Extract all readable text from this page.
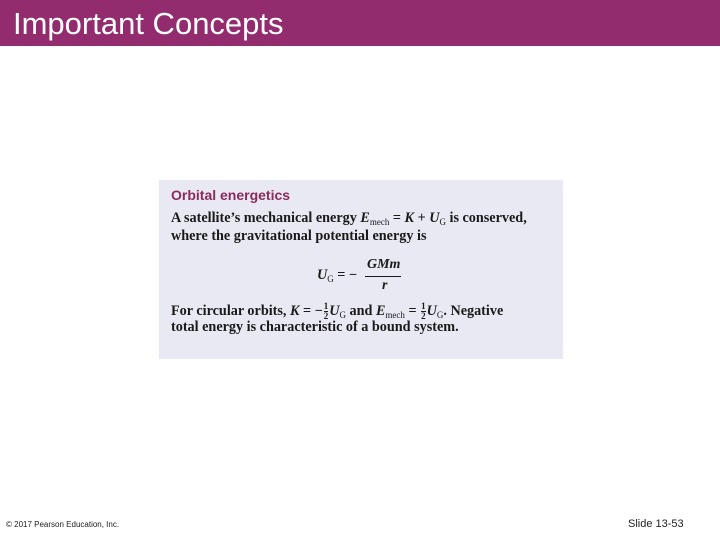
Important Concepts
Orbital energetics
A satellite’s mechanical energy $E_{mech} = K + U_G$ is conserved,
where the gravitational potential energy is
$U_G$ = −
GMm
r
For circular orbits, K = − $\frac{1}{2} U_G$ and $E_{mech} = \frac{1}{2} U_G$. Negative
total energy is characteristic of a bound system.
© 2017 Pearson Education, Inc.	Slide 13-53
